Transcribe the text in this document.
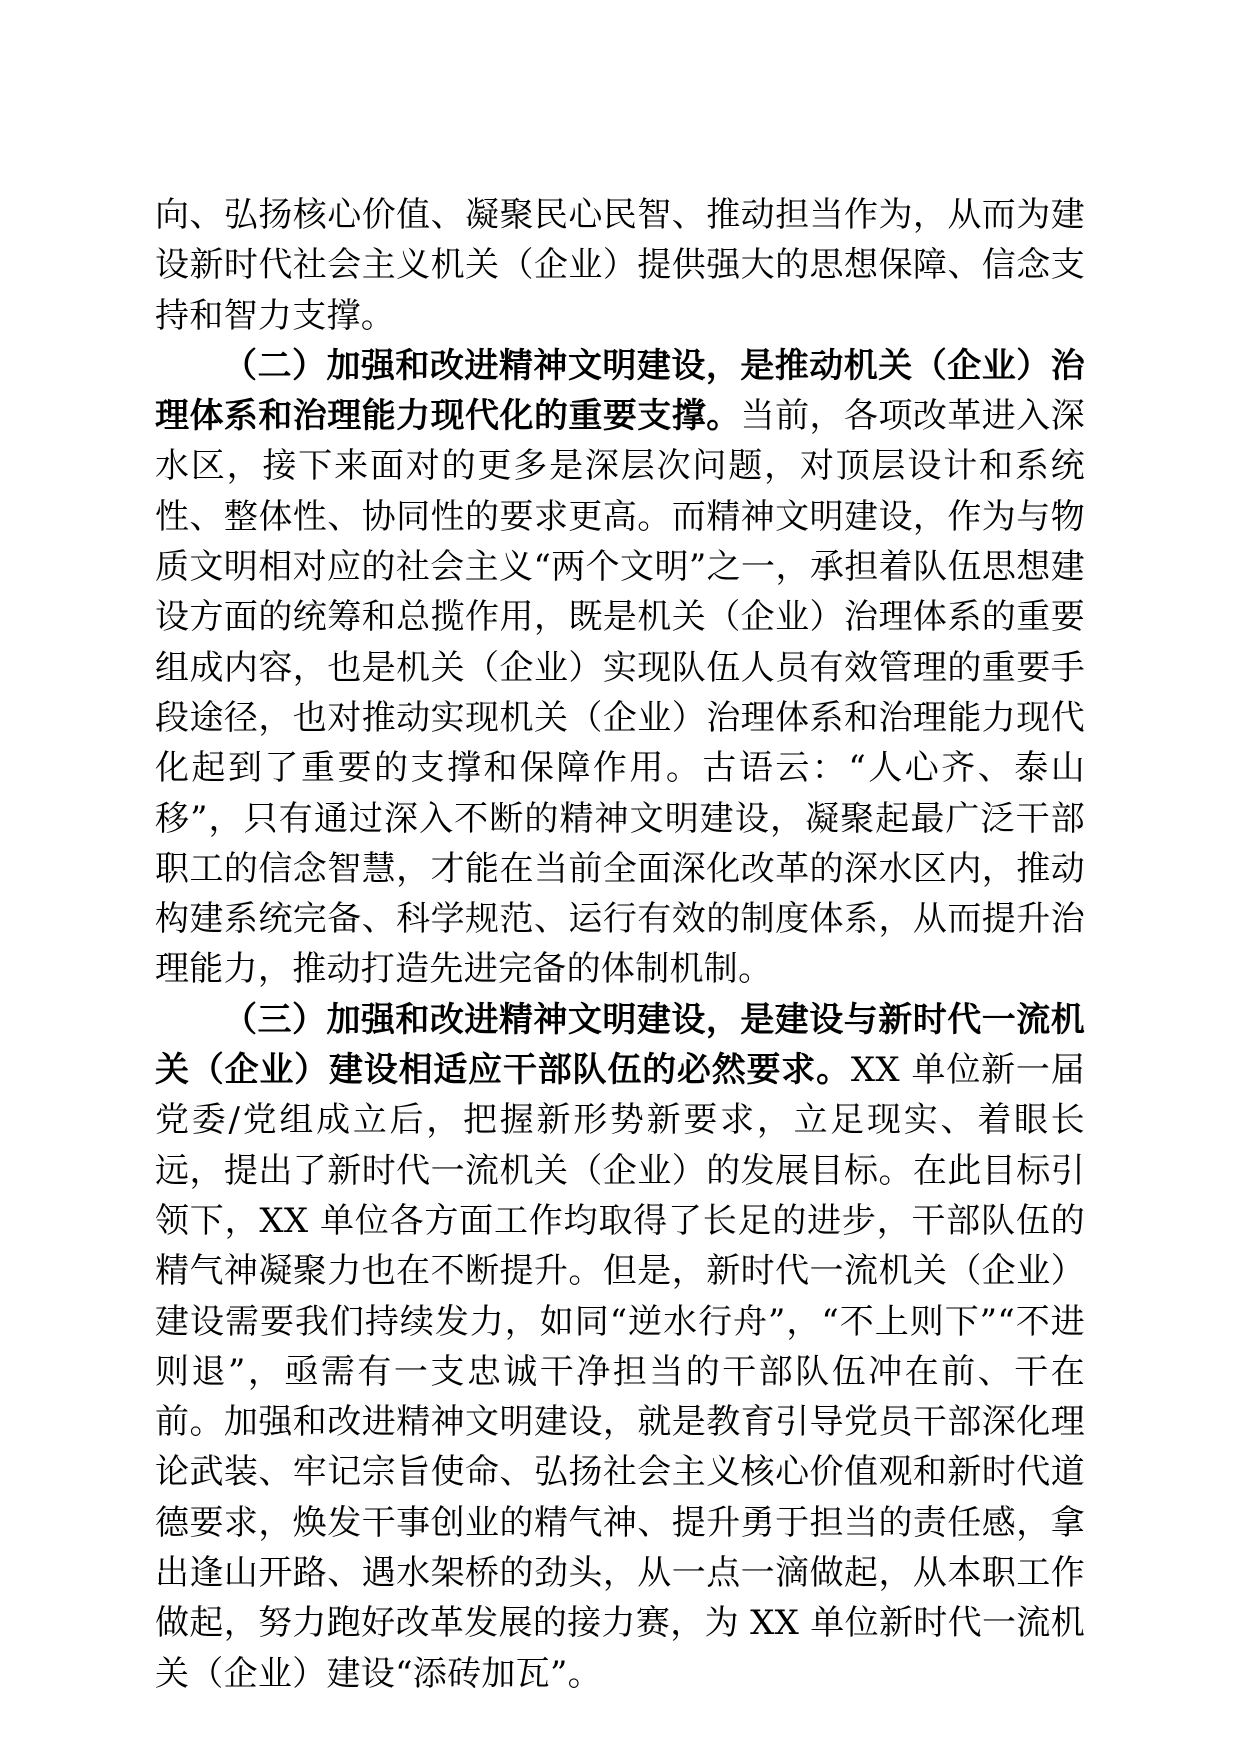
向、弘扬核心价值、凝聚民心民智、推动担当作为，从而为建设新时代社会主义机关（企业）提供强大的思想保障、信念支持和智力支撑。

（二）加强和改进精神文明建设，是推动机关（企业）治理体系和治理能力现代化的重要支撑。当前，各项改革进入深水区，接下来面对的更多是深层次问题，对顶层设计和系统性、整体性、协同性的要求更高。而精神文明建设，作为与物质文明相对应的社会主义“两个文明”之一，承担着队伍思想建设方面的统筹和总揽作用，既是机关（企业）治理体系的重要组成内容，也是机关（企业）实现队伍人员有效管理的重要手段途径，也对推动实现机关（企业）治理体系和治理能力现代化起到了重要的支撑和保障作用。古语云：“人心齐、泰山移”，只有通过深入不断的精神文明建设，凝聚起最广泛干部职工的信念智慧，才能在当前全面深化改革的深水区内，推动构建系统完备、科学规范、运行有效的制度体系，从而提升治理能力，推动打造先进完备的体制机制。

（三）加强和改进精神文明建设，是建设与新时代一流机关（企业）建设相适应干部队伍的必然要求。XX 单位新一届党委/党组成立后，把握新形势新要求，立足现实、着眼长远，提出了新时代一流机关（企业）的发展目标。在此目标引领下，XX 单位各方面工作均取得了长足的进步，干部队伍的精气神凝聚力也在不断提升。但是，新时代一流机关（企业）建设需要我们持续发力，如同“逆水行舟”，“不上则下”“不进则退”，亟需有一支忠诚干净担当的干部队伍冲在前、干在前。加强和改进精神文明建设，就是教育引导党员干部深化理论武装、牢记宗旨使命、弘扬社会主义核心价值观和新时代道德要求，焕发干事创业的精气神、提升勇于担当的责任感，拿出逢山开路、遇水架桥的劲头，从一点一滴做起，从本职工作做起，努力跑好改革发展的接力赛，为 XX 单位新时代一流机关（企业）建设“添砖加瓦”。
